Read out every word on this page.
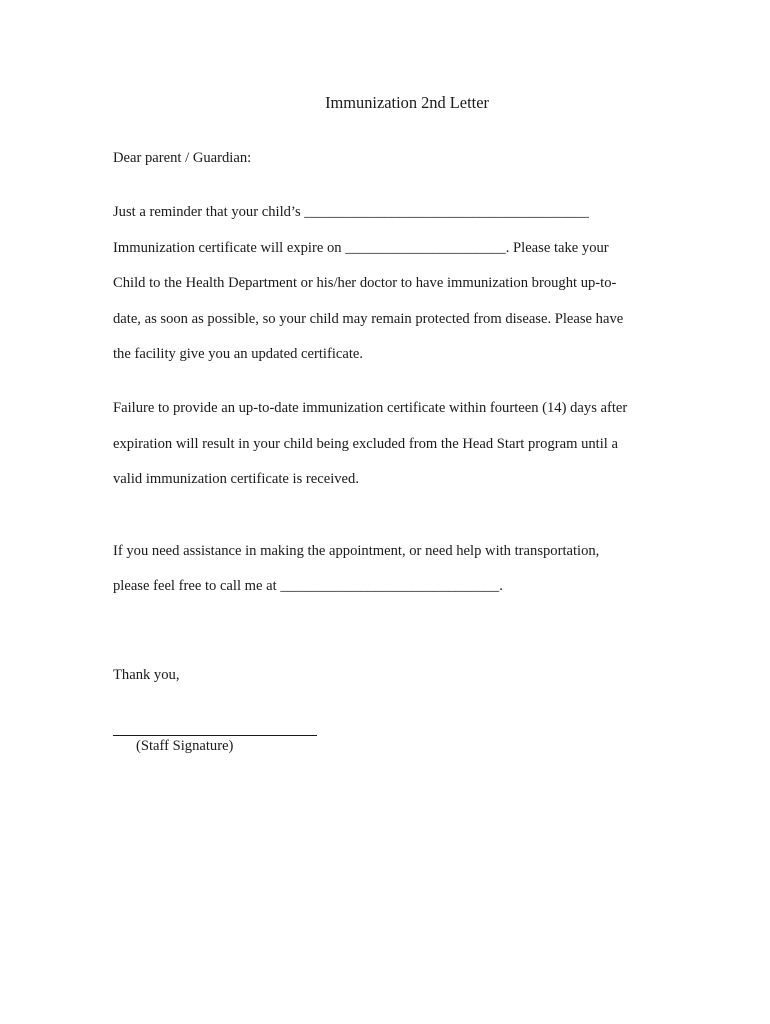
Immunization 2nd Letter
Dear parent / Guardian:
Just a reminder that your child’s _______________________________________
Immunization certificate will expire on ______________________. Please take your
Child to the Health Department or his/her doctor to have immunization brought up-to-
date, as soon as possible, so your child may remain protected from disease. Please have
the facility give you an updated certificate.
Failure to provide an up-to-date immunization certificate within fourteen (14) days after
expiration will result in your child being excluded from the Head Start program until a
valid immunization certificate is received.
If you need assistance in making the appointment, or need help with transportation,
please feel free to call me at ______________________________.
Thank you,
(Staff Signature)
